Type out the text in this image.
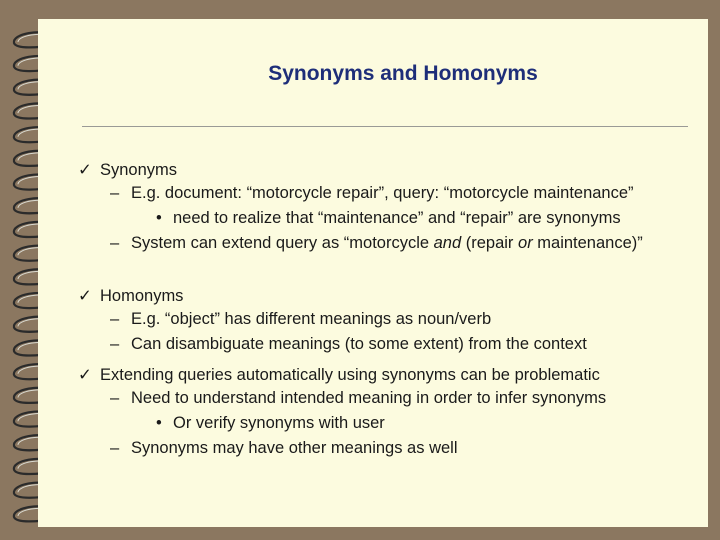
Synonyms and Homonyms
✓ Synonyms
– E.g. document: “motorcycle repair”, query: “motorcycle maintenance”
• need to realize that “maintenance” and “repair” are synonyms
– System can extend query as “motorcycle and (repair or maintenance)”
✓ Homonyms
– E.g. “object” has different meanings as noun/verb
– Can disambiguate meanings (to some extent) from the context
✓ Extending queries automatically using synonyms can be problematic
– Need to understand intended meaning in order to infer synonyms
• Or verify synonyms with user
– Synonyms may have other meanings as well
